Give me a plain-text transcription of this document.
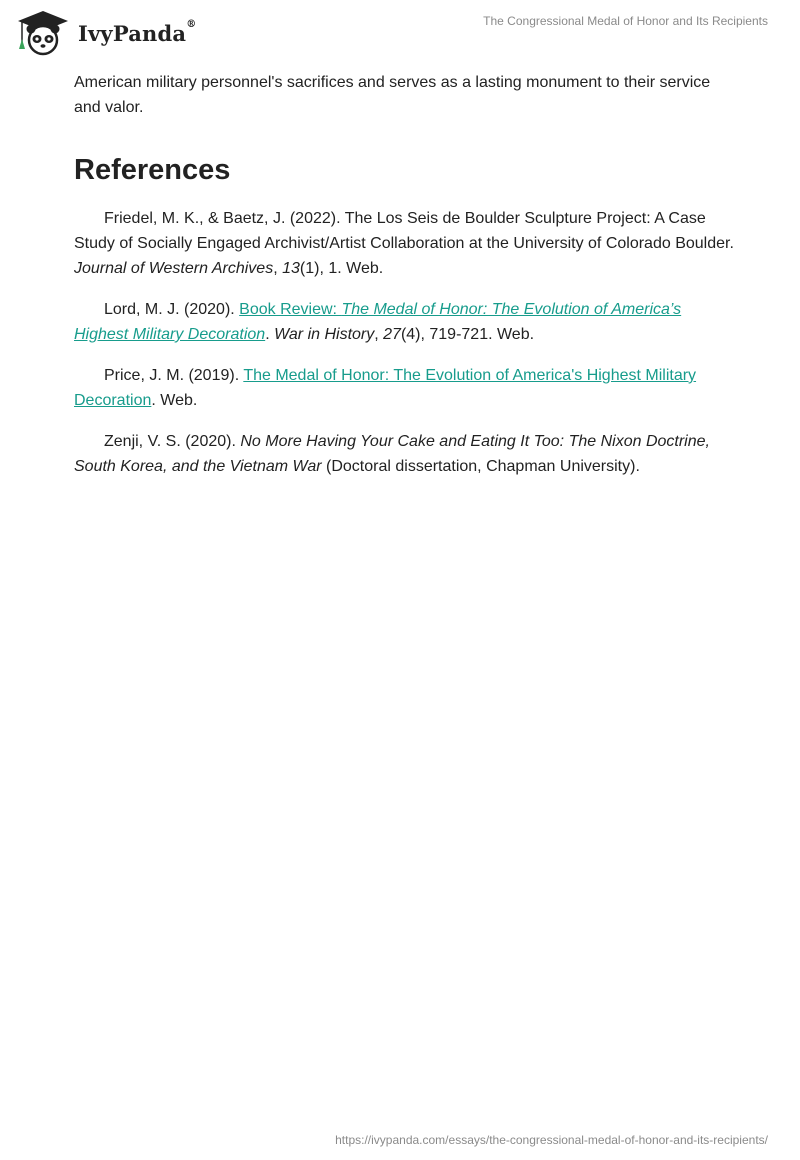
IvyPanda®	The Congressional Medal of Honor and Its Recipients

American military personnel's sacrifices and serves as a lasting monument to their service and valor.

References

Friedel, M. K., & Baetz, J. (2022). The Los Seis de Boulder Sculpture Project: A Case Study of Socially Engaged Archivist/Artist Collaboration at the University of Colorado Boulder. Journal of Western Archives, 13(1), 1. Web.

Lord, M. J. (2020). Book Review: The Medal of Honor: The Evolution of America’s Highest Military Decoration. War in History, 27(4), 719-721. Web.

Price, J. M. (2019). The Medal of Honor: The Evolution of America's Highest Military Decoration. Web.

Zenji, V. S. (2020). No More Having Your Cake and Eating It Too: The Nixon Doctrine, South Korea, and the Vietnam War (Doctoral dissertation, Chapman University).

https://ivypanda.com/essays/the-congressional-medal-of-honor-and-its-recipients/
